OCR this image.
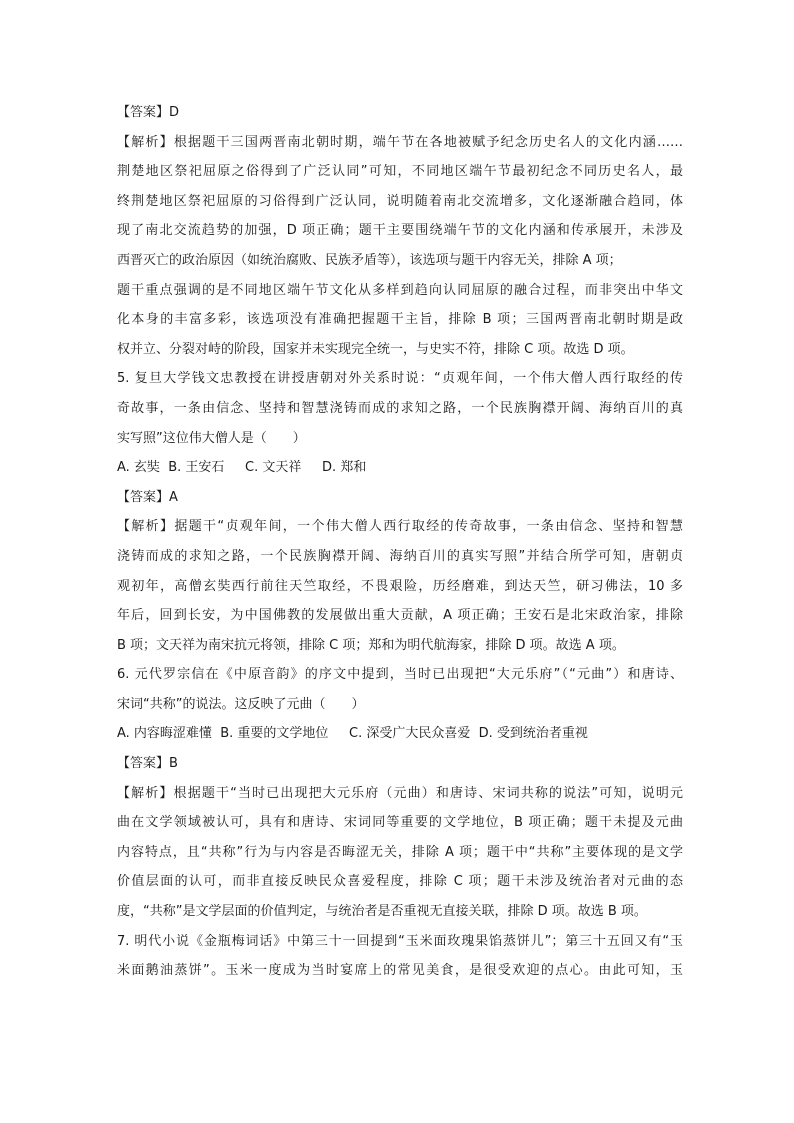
【答案】D
【解析】根据题干三国两晋南北朝时期，端午节在各地被赋予纪念历史名人的文化内涵……
荆楚地区祭祀屈原之俗得到了广泛认同”可知，不同地区端午节最初纪念不同历史名人，最
终荆楚地区祭祀屈原的习俗得到广泛认同，说明随着南北交流增多，文化逐渐融合趋同，体
现了南北交流趋势的加强，D 项正确；题干主要围绕端午节的文化内涵和传承展开，未涉及
西晋灭亡的政治原因（如统治腐败、民族矛盾等），该选项与题干内容无关，排除 A 项；
题干重点强调的是不同地区端午节文化从多样到趋向认同屈原的融合过程，而非突出中华文
化本身的丰富多彩，该选项没有准确把握题干主旨，排除 B 项；三国两晋南北朝时期是政
权并立、分裂对峙的阶段，国家并未实现完全统一，与史实不符，排除 C 项。故选 D 项。
5. 复旦大学钱文忠教授在讲授唐朝对外关系时说：“贞观年间，一个伟大僧人西行取经的传
奇故事，一条由信念、坚持和智慧浇铸而成的求知之路，一个民族胸襟开阔、海纳百川的真
实写照”这位伟大僧人是（　　）
A. 玄奘  B. 王安石     C. 文天祥     D. 郑和
【答案】A
【解析】据题干“贞观年间，一个伟大僧人西行取经的传奇故事，一条由信念、坚持和智慧
浇铸而成的求知之路，一个民族胸襟开阔、海纳百川的真实写照”并结合所学可知，唐朝贞
观初年，高僧玄奘西行前往天竺取经，不畏艰险，历经磨难，到达天竺，研习佛法，10 多
年后，回到长安，为中国佛教的发展做出重大贡献，A 项正确；王安石是北宋政治家，排除
B 项；文天祥为南宋抗元将领，排除 C 项；郑和为明代航海家，排除 D 项。故选 A 项。
6. 元代罗宗信在《中原音韵》的序文中提到，当时已出现把“大元乐府”（“元曲”）和唐诗、
宋词“共称”的说法。这反映了元曲（　　）
A. 内容晦涩难懂  B. 重要的文学地位     C. 深受广大民众喜爱  D. 受到统治者重视
【答案】B
【解析】根据题干“当时已出现把大元乐府（元曲）和唐诗、宋词共称的说法”可知，说明元
曲在文学领域被认可，具有和唐诗、宋词同等重要的文学地位，B 项正确；题干未提及元曲
内容特点，且“共称”行为与内容是否晦涩无关，排除 A 项；题干中“共称”主要体现的是文学
价值层面的认可，而非直接反映民众喜爱程度，排除 C 项；题干未涉及统治者对元曲的态
度，“共称”是文学层面的价值判定，与统治者是否重视无直接关联，排除 D 项。故选 B 项。
7. 明代小说《金瓶梅词话》中第三十一回提到“玉米面玫瑰果馅蒸饼儿”；第三十五回又有“玉
米面鹅油蒸饼”。玉米一度成为当时宴席上的常见美食，是很受欢迎的点心。由此可知，玉
